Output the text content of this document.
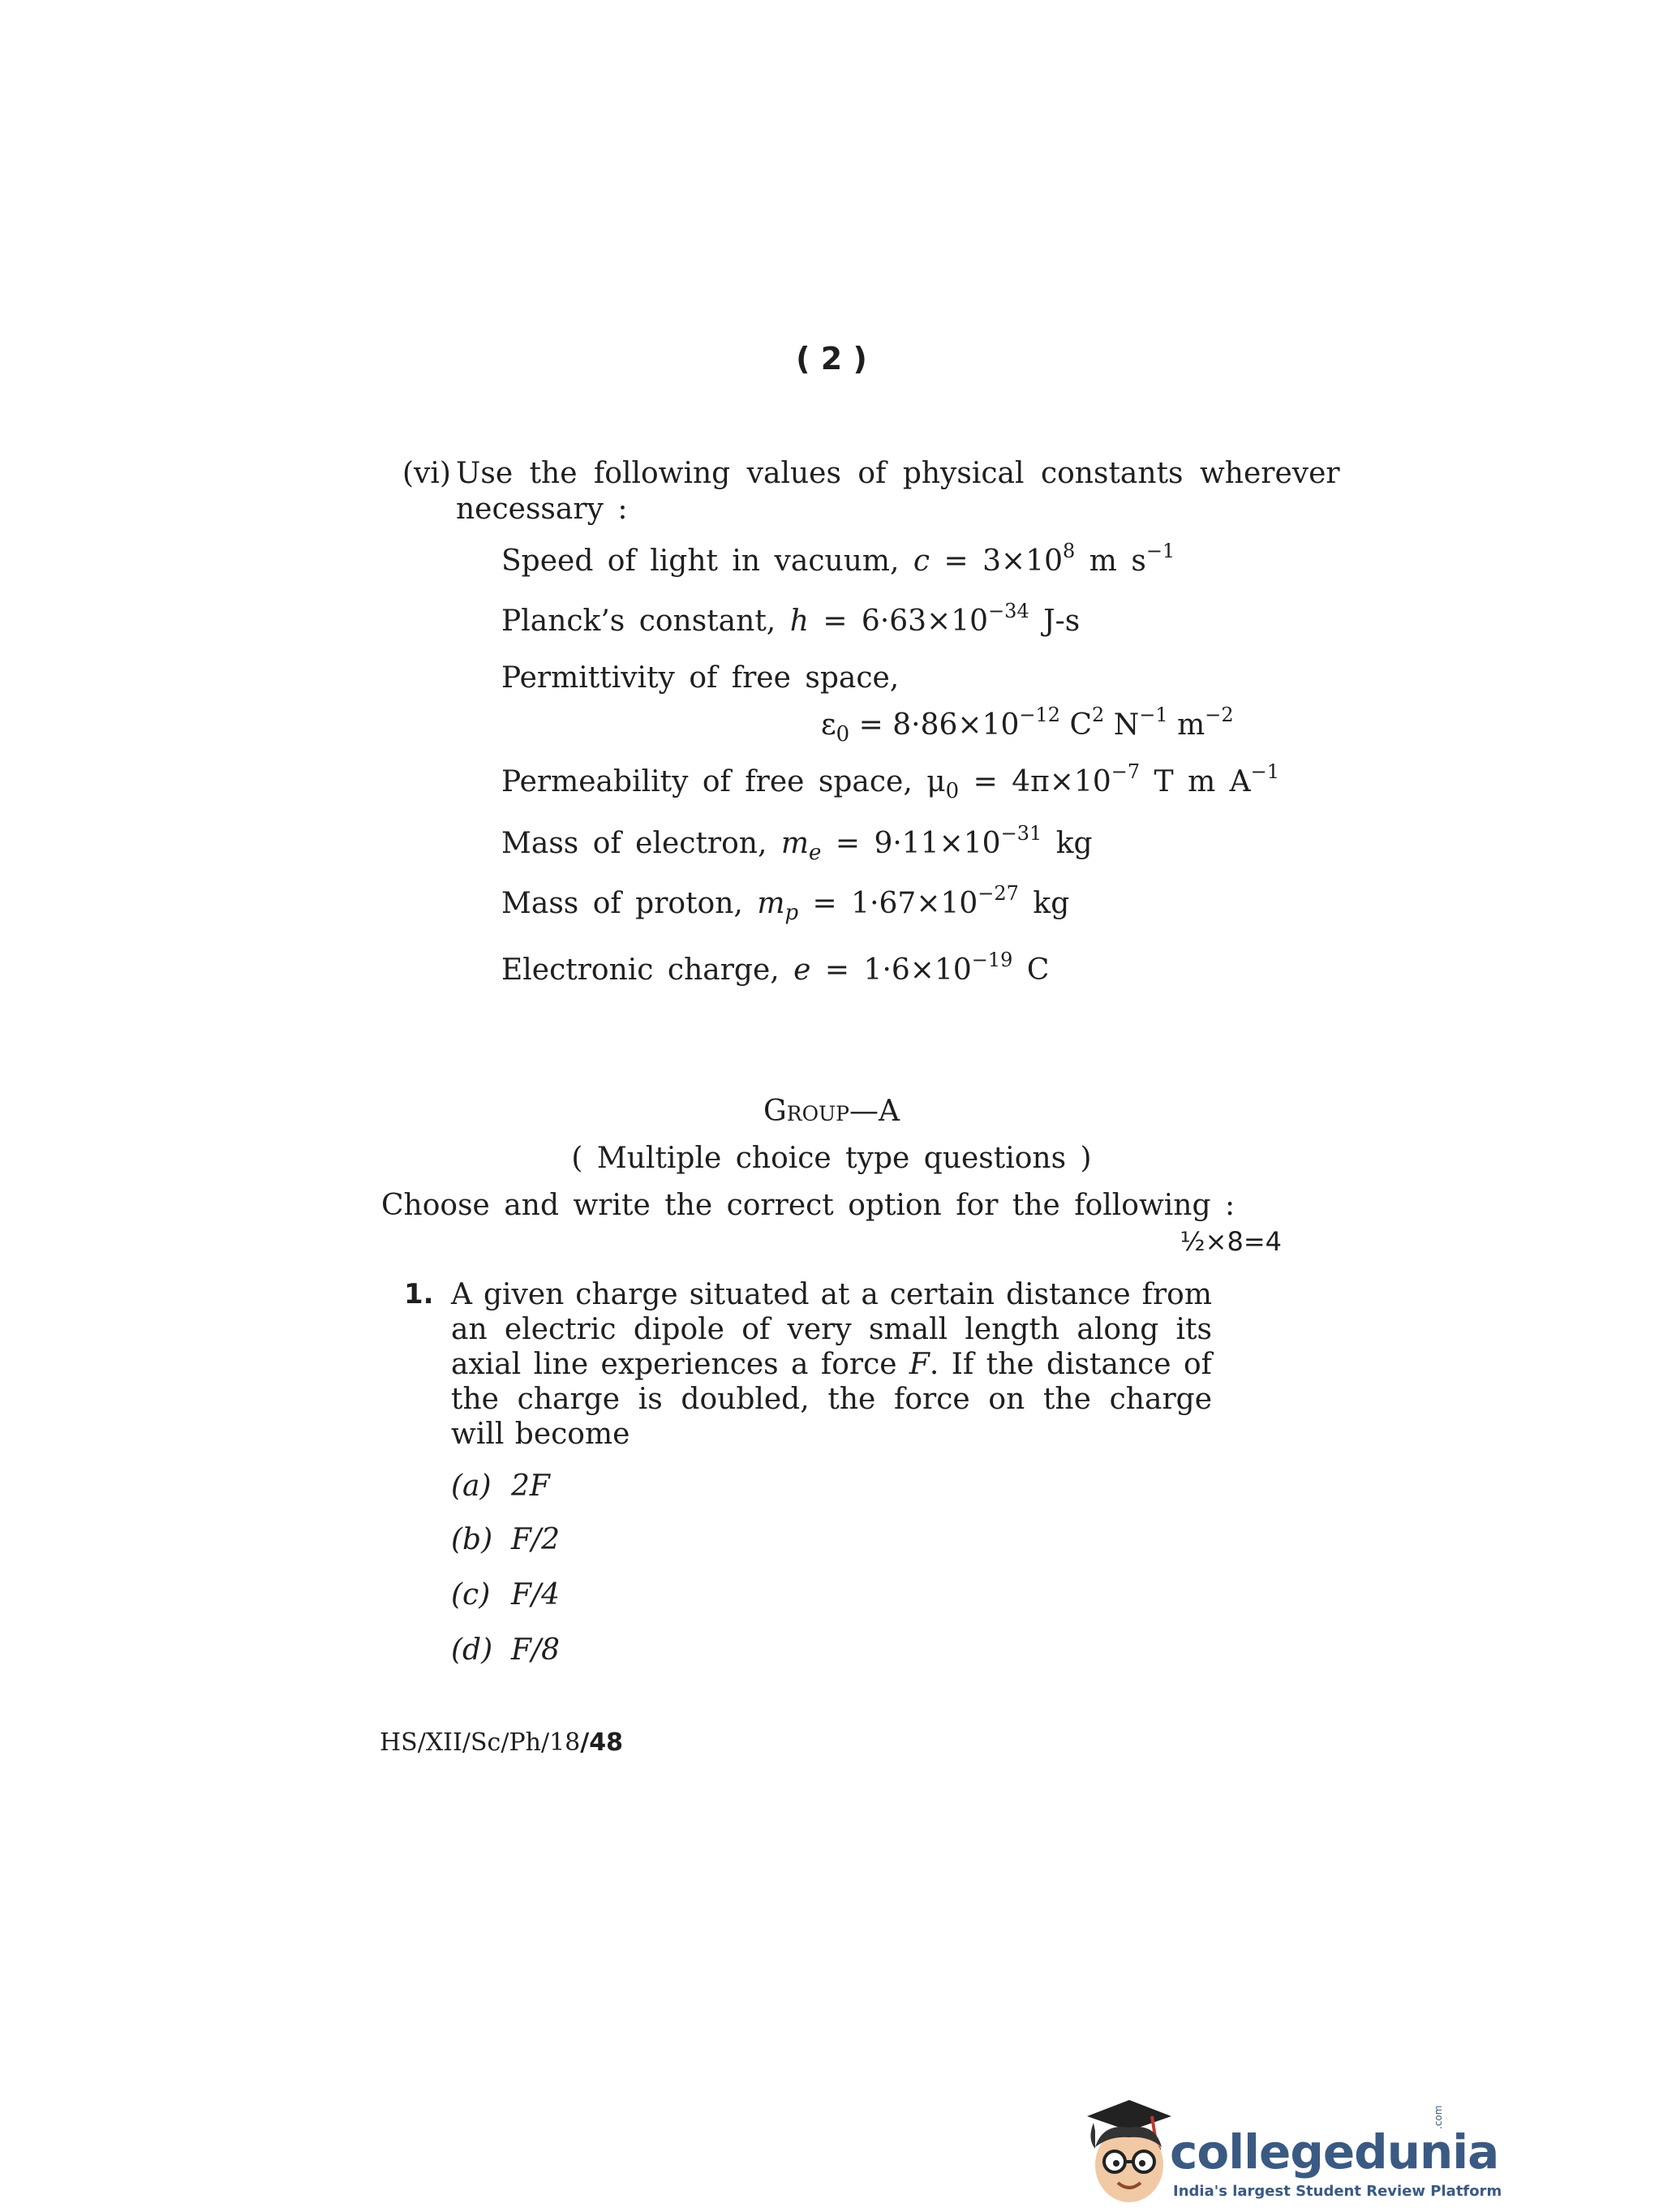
( 2 )
(vi) Use the following values of physical constants wherever
necessary :
Speed of light in vacuum, $c = 3\times 10^8$ m $s^{-1}$
Planck’s constant, $h = 6\cdot 63\times 10^{-34}$ J-s
Permittivity of free space,
$\varepsilon_0 = 8\cdot 86\times 10^{-12}$ $C^2$ $N^{-1}$ $m^{-2}$
Permeability of free space, $\mu_0 = 4\pi\times 10^{-7}$ T m $A^{-1}$
Mass of electron, $m_e = 9\cdot 11\times 10^{-31}$ kg
Mass of proton, $m_p = 1\cdot 67\times 10^{-27}$ kg
Electronic charge, $e = 1\cdot 6\times 10^{-19}$ C
Group—A
( Multiple choice type questions )
Choose and write the correct option for the following :
½×8=4
1. A given charge situated at a certain distance from an electric dipole of very small length along its axial line experiences a force F. If the distance of the charge is doubled, the force on the charge will become
(a) 2F
(b) F/2
(c) F/4
(d) F/8
HS/XII/Sc/Ph/18/48
collegedunia
India's largest Student Review Platform
.com
